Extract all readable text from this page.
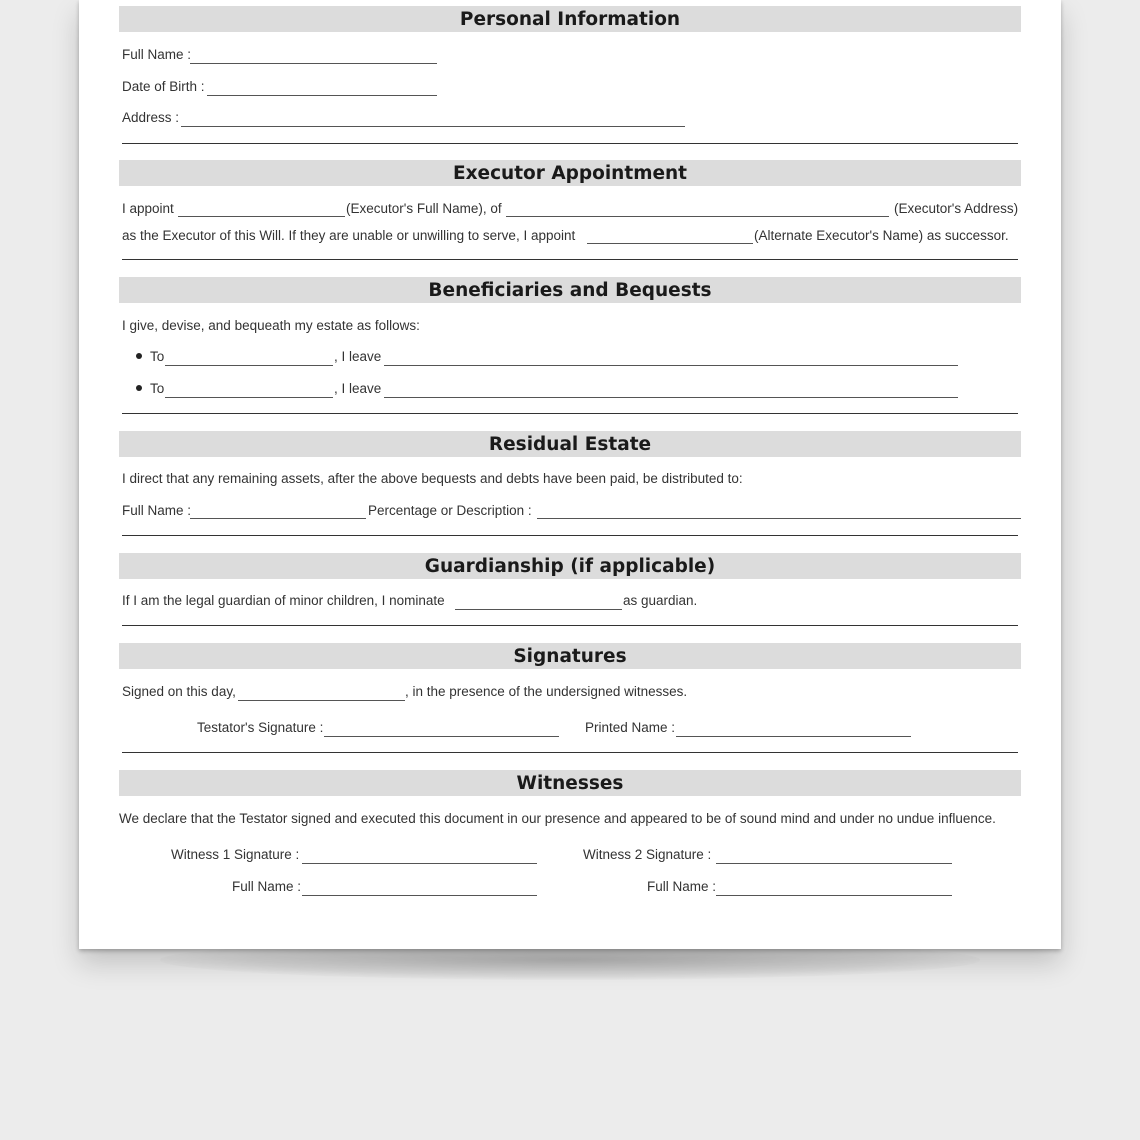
Personal Information
Full Name :
Date of Birth :
Address :
Executor Appointment
I appoint	(Executor's Full Name), of	(Executor's Address)
as the Executor of this Will. If they are unable or unwilling to serve, I appoint	(Alternate Executor's Name) as successor.
Beneficiaries and Bequests
I give, devise, and bequeath my estate as follows:
To	, I leave
To	, I leave
Residual Estate
I direct that any remaining assets, after the above bequests and debts have been paid, be distributed to:
Full Name :	Percentage or Description :
Guardianship (if applicable)
If I am the legal guardian of minor children, I nominate	as guardian.
Signatures
Signed on this day,	, in the presence of the undersigned witnesses.
Testator's Signature :	Printed Name :
Witnesses
We declare that the Testator signed and executed this document in our presence and appeared to be of sound mind and under no undue influence.
Witness 1 Signature :	Witness 2 Signature :
Full Name :	Full Name :
